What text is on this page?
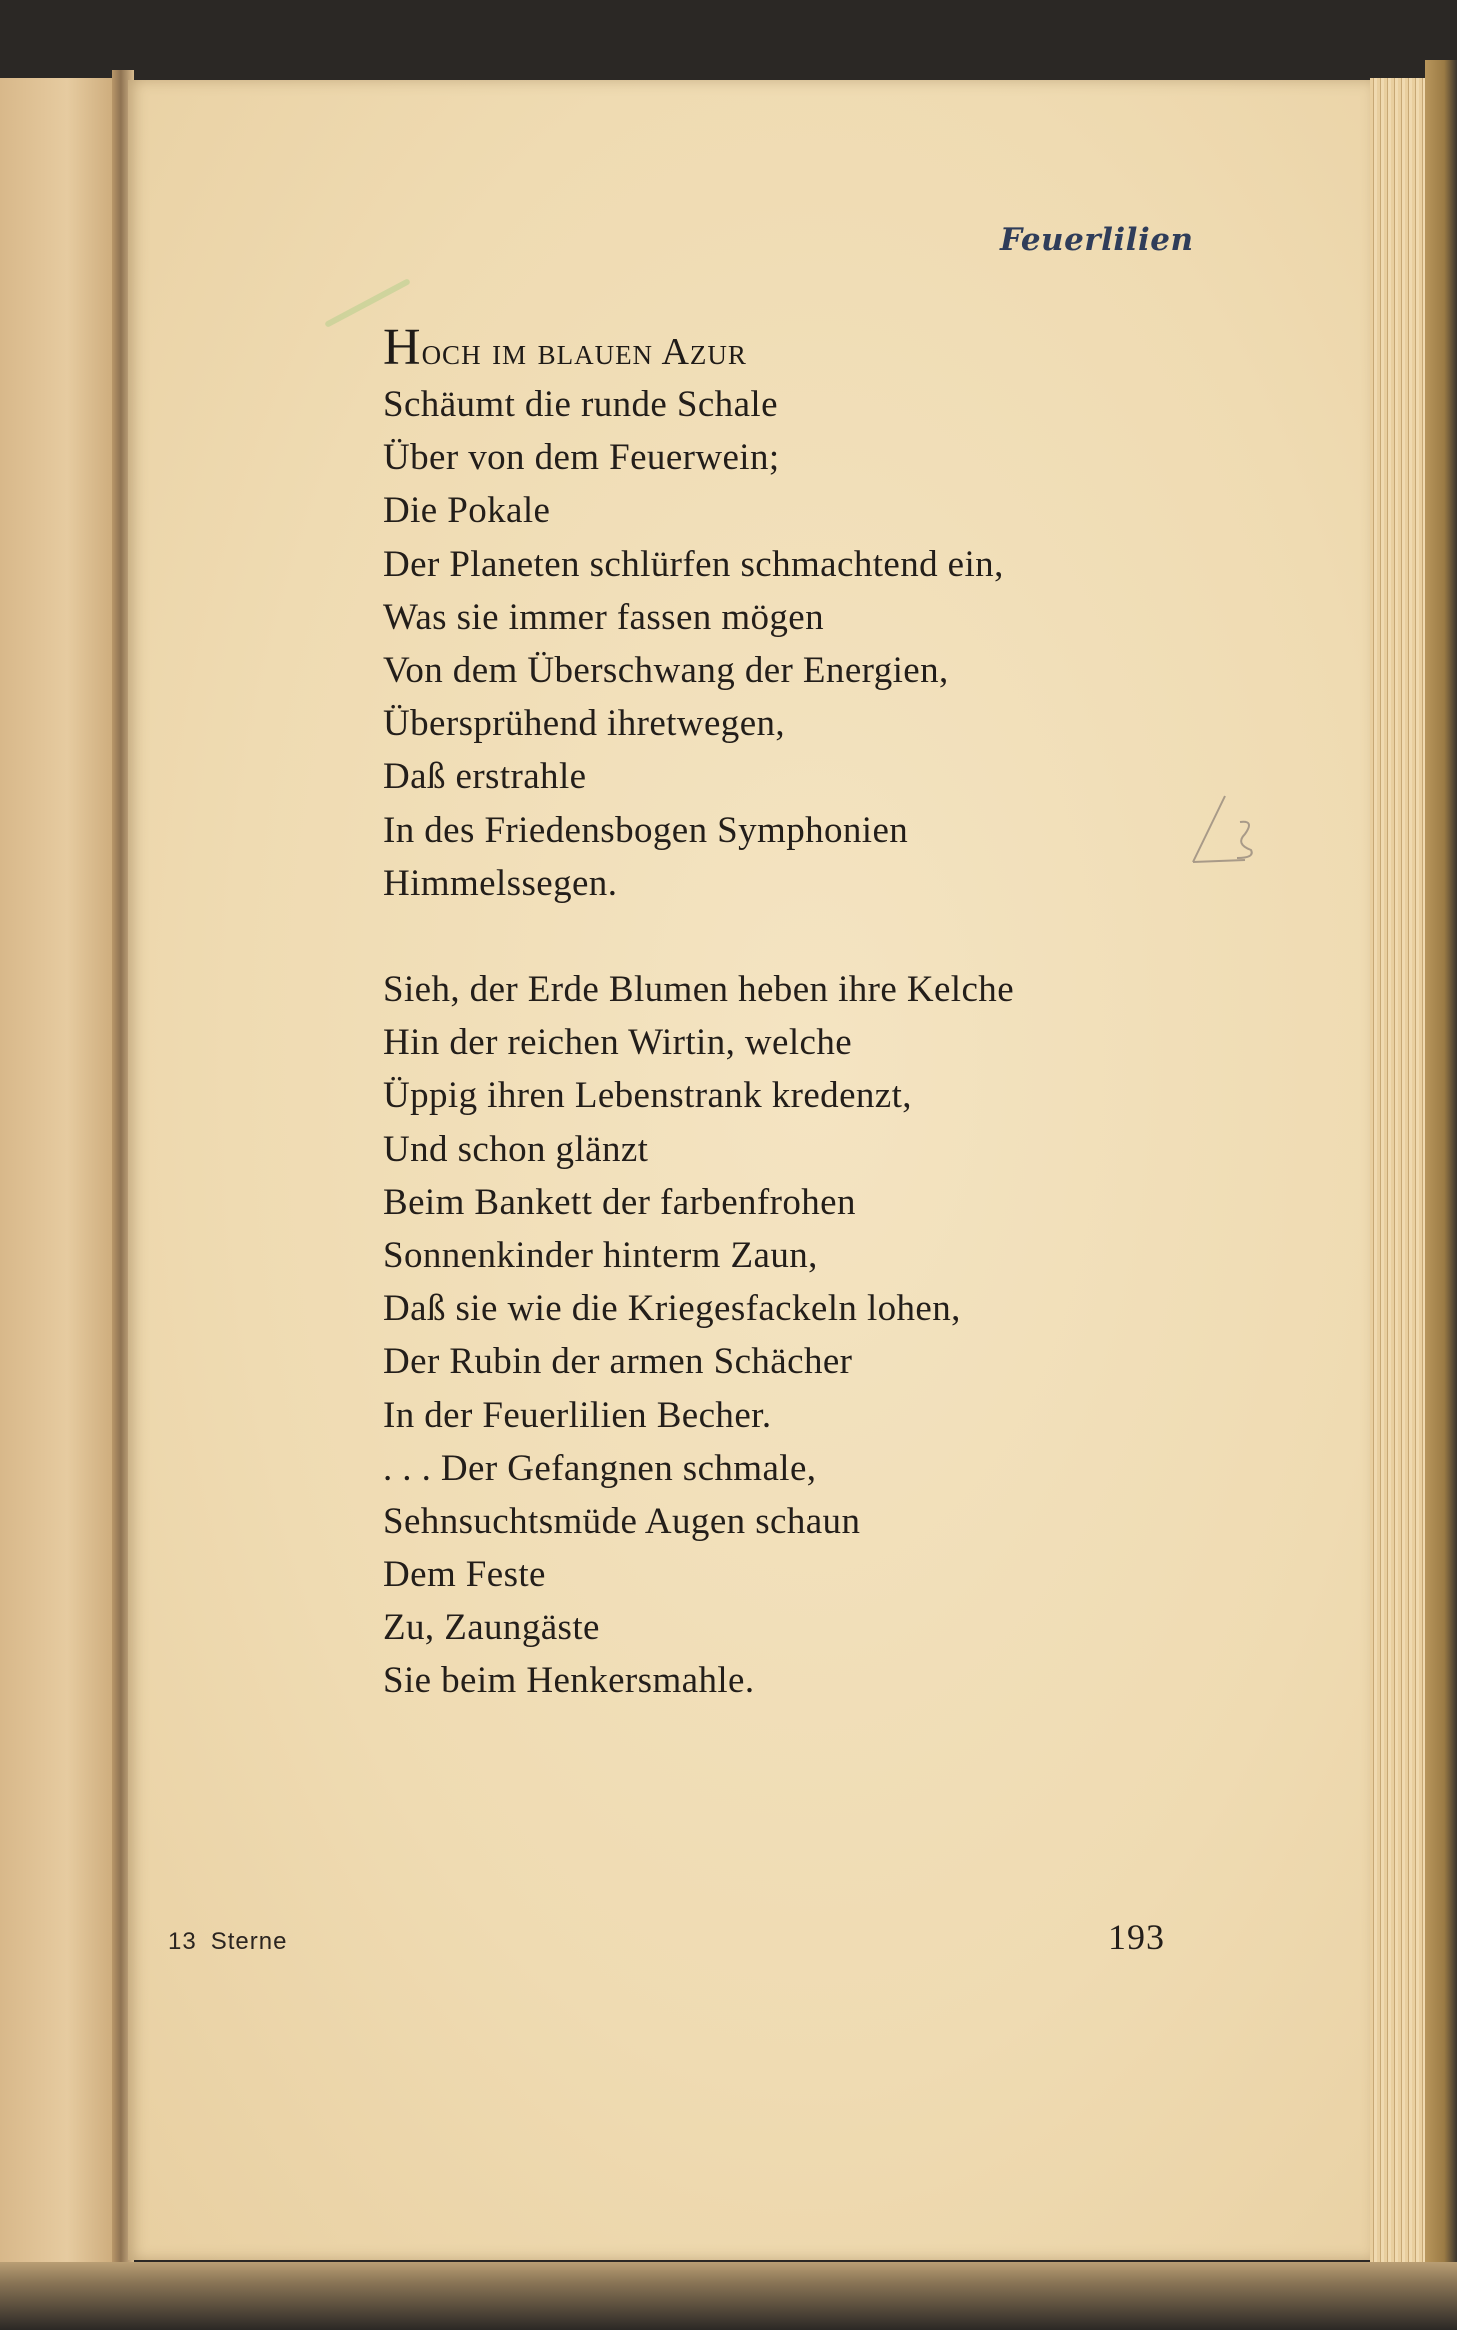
Feuerlilien

Hoch im blauen Azur
Schäumt die runde Schale
Über von dem Feuerwein;
Die Pokale
Der Planeten schlürfen schmachtend ein,
Was sie immer fassen mögen
Von dem Überschwang der Energien,
Übersprühend ihretwegen,
Daß erstrahle
In des Friedensbogen Symphonien
Himmelssegen.
Sieh, der Erde Blumen heben ihre Kelche
Hin der reichen Wirtin, welche
Üppig ihren Lebenstrank kredenzt,
Und schon glänzt
Beim Bankett der farbenfrohen
Sonnenkinder hinterm Zaun,
Daß sie wie die Kriegesfackeln lohen,
Der Rubin der armen Schächer
In der Feuerlilien Becher.
. . . Der Gefangnen schmale,
Sehnsuchtsmüde Augen schaun
Dem Feste
Zu, Zaungäste
Sie beim Henkersmahle.

13 Sterne	193
